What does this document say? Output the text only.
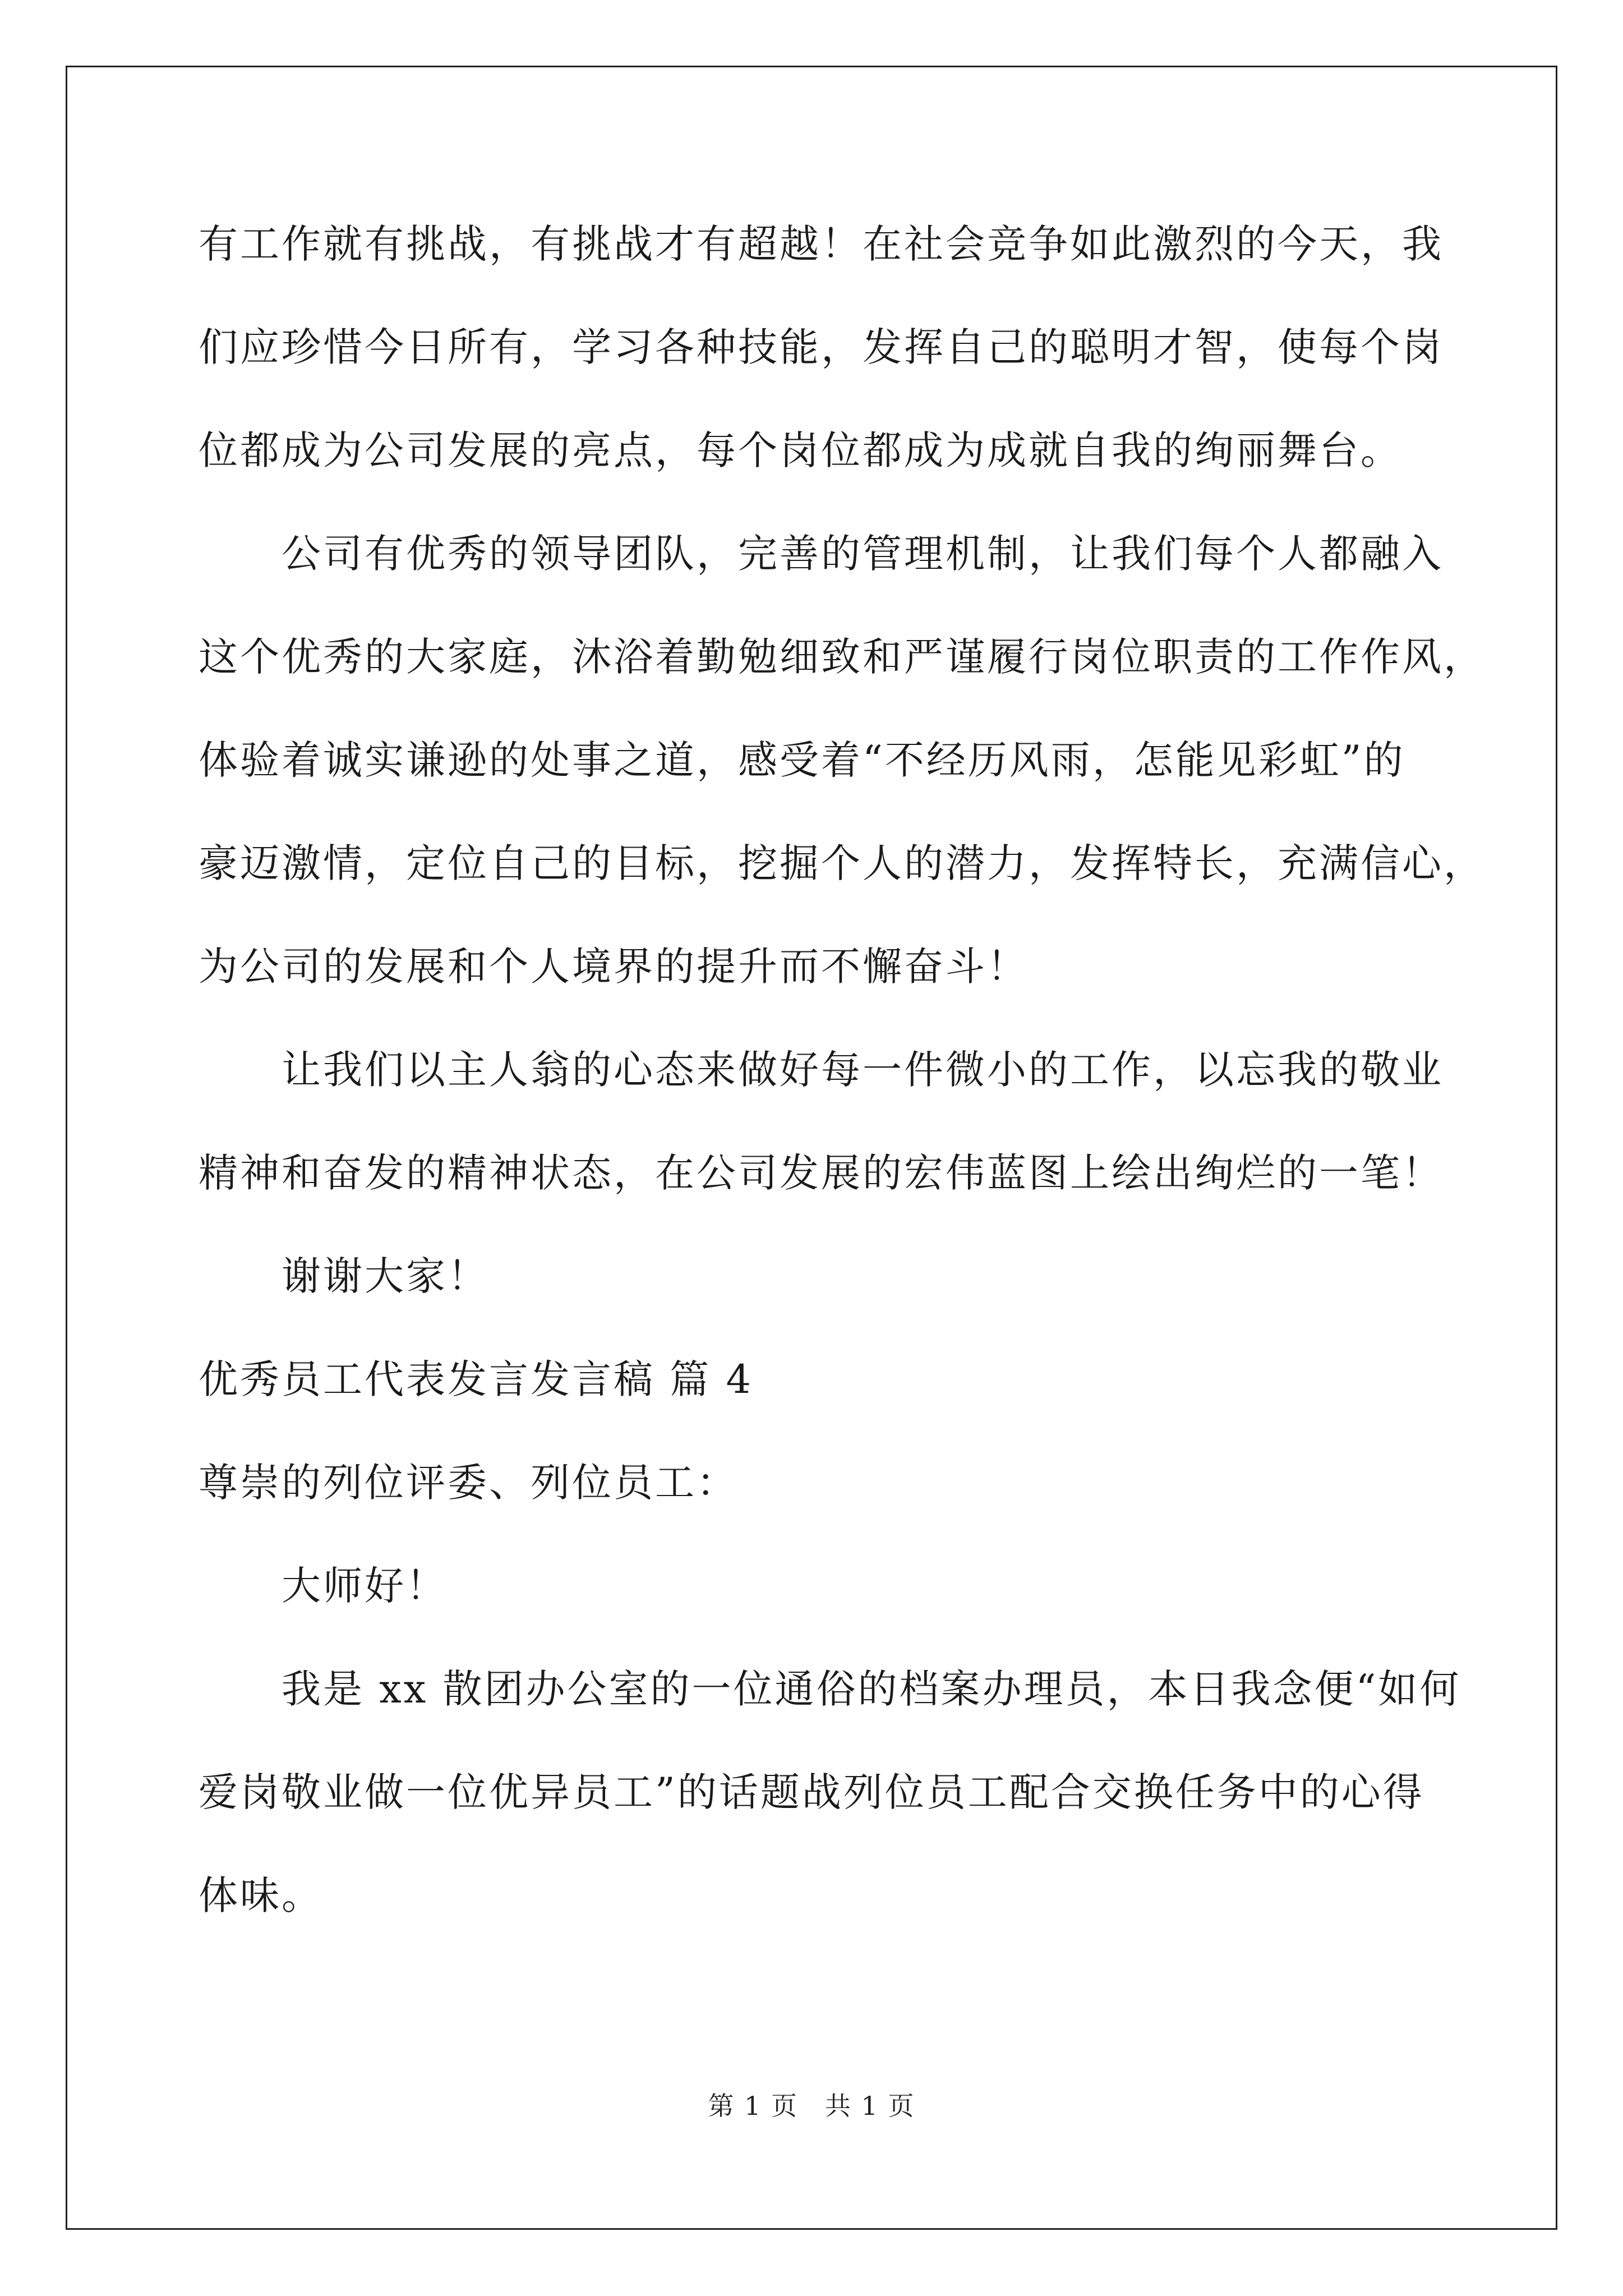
有工作就有挑战，有挑战才有超越！在社会竞争如此激烈的今天，我
们应珍惜今日所有，学习各种技能，发挥自己的聪明才智，使每个岗
位都成为公司发展的亮点，每个岗位都成为成就自我的绚丽舞台。
公司有优秀的领导团队，完善的管理机制，让我们每个人都融入
这个优秀的大家庭，沐浴着勤勉细致和严谨履行岗位职责的工作作风，
体验着诚实谦逊的处事之道，感受着“不经历风雨，怎能见彩虹”的
豪迈激情，定位自己的目标，挖掘个人的潜力，发挥特长，充满信心，
为公司的发展和个人境界的提升而不懈奋斗！
让我们以主人翁的心态来做好每一件微小的工作，以忘我的敬业
精神和奋发的精神状态，在公司发展的宏伟蓝图上绘出绚烂的一笔！
谢谢大家！
优秀员工代表发言发言稿 篇 4
尊崇的列位评委、列位员工：
大师好！
我是 xx 散团办公室的一位通俗的档案办理员，本日我念便“如何
爱岗敬业做一位优异员工”的话题战列位员工配合交换任务中的心得
体味。
第 1 页　共 1 页
